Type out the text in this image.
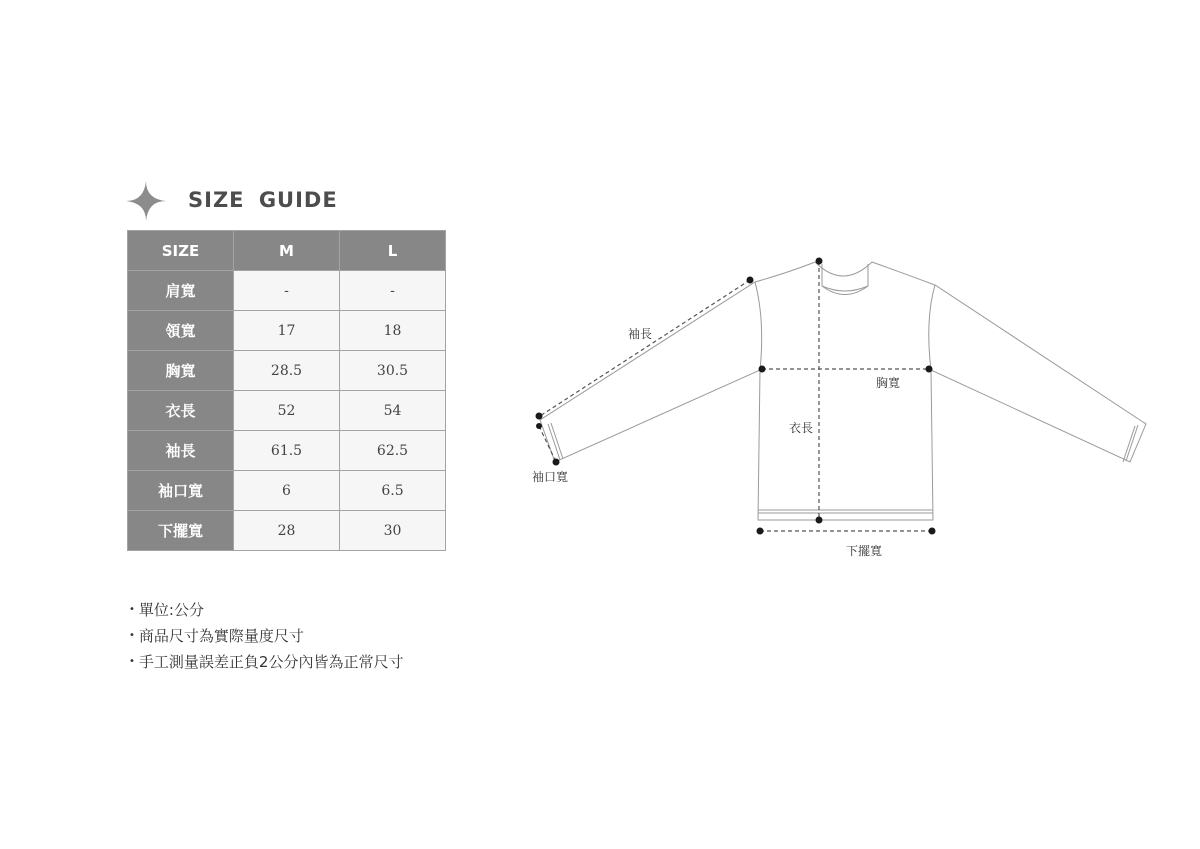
SIZE GUIDE
SIZE	M	L
肩寬	-	-
領寬	17	18
胸寬	28.5	30.5
衣長	52	54
袖長	61.5	62.5
袖口寬	6	6.5
下擺寬	28	30
• 單位:公分
• 商品尺寸為實際量度尺寸
• 手工測量誤差正負2公分內皆為正常尺寸
袖長
胸寬
衣長
袖口寬
下擺寬
